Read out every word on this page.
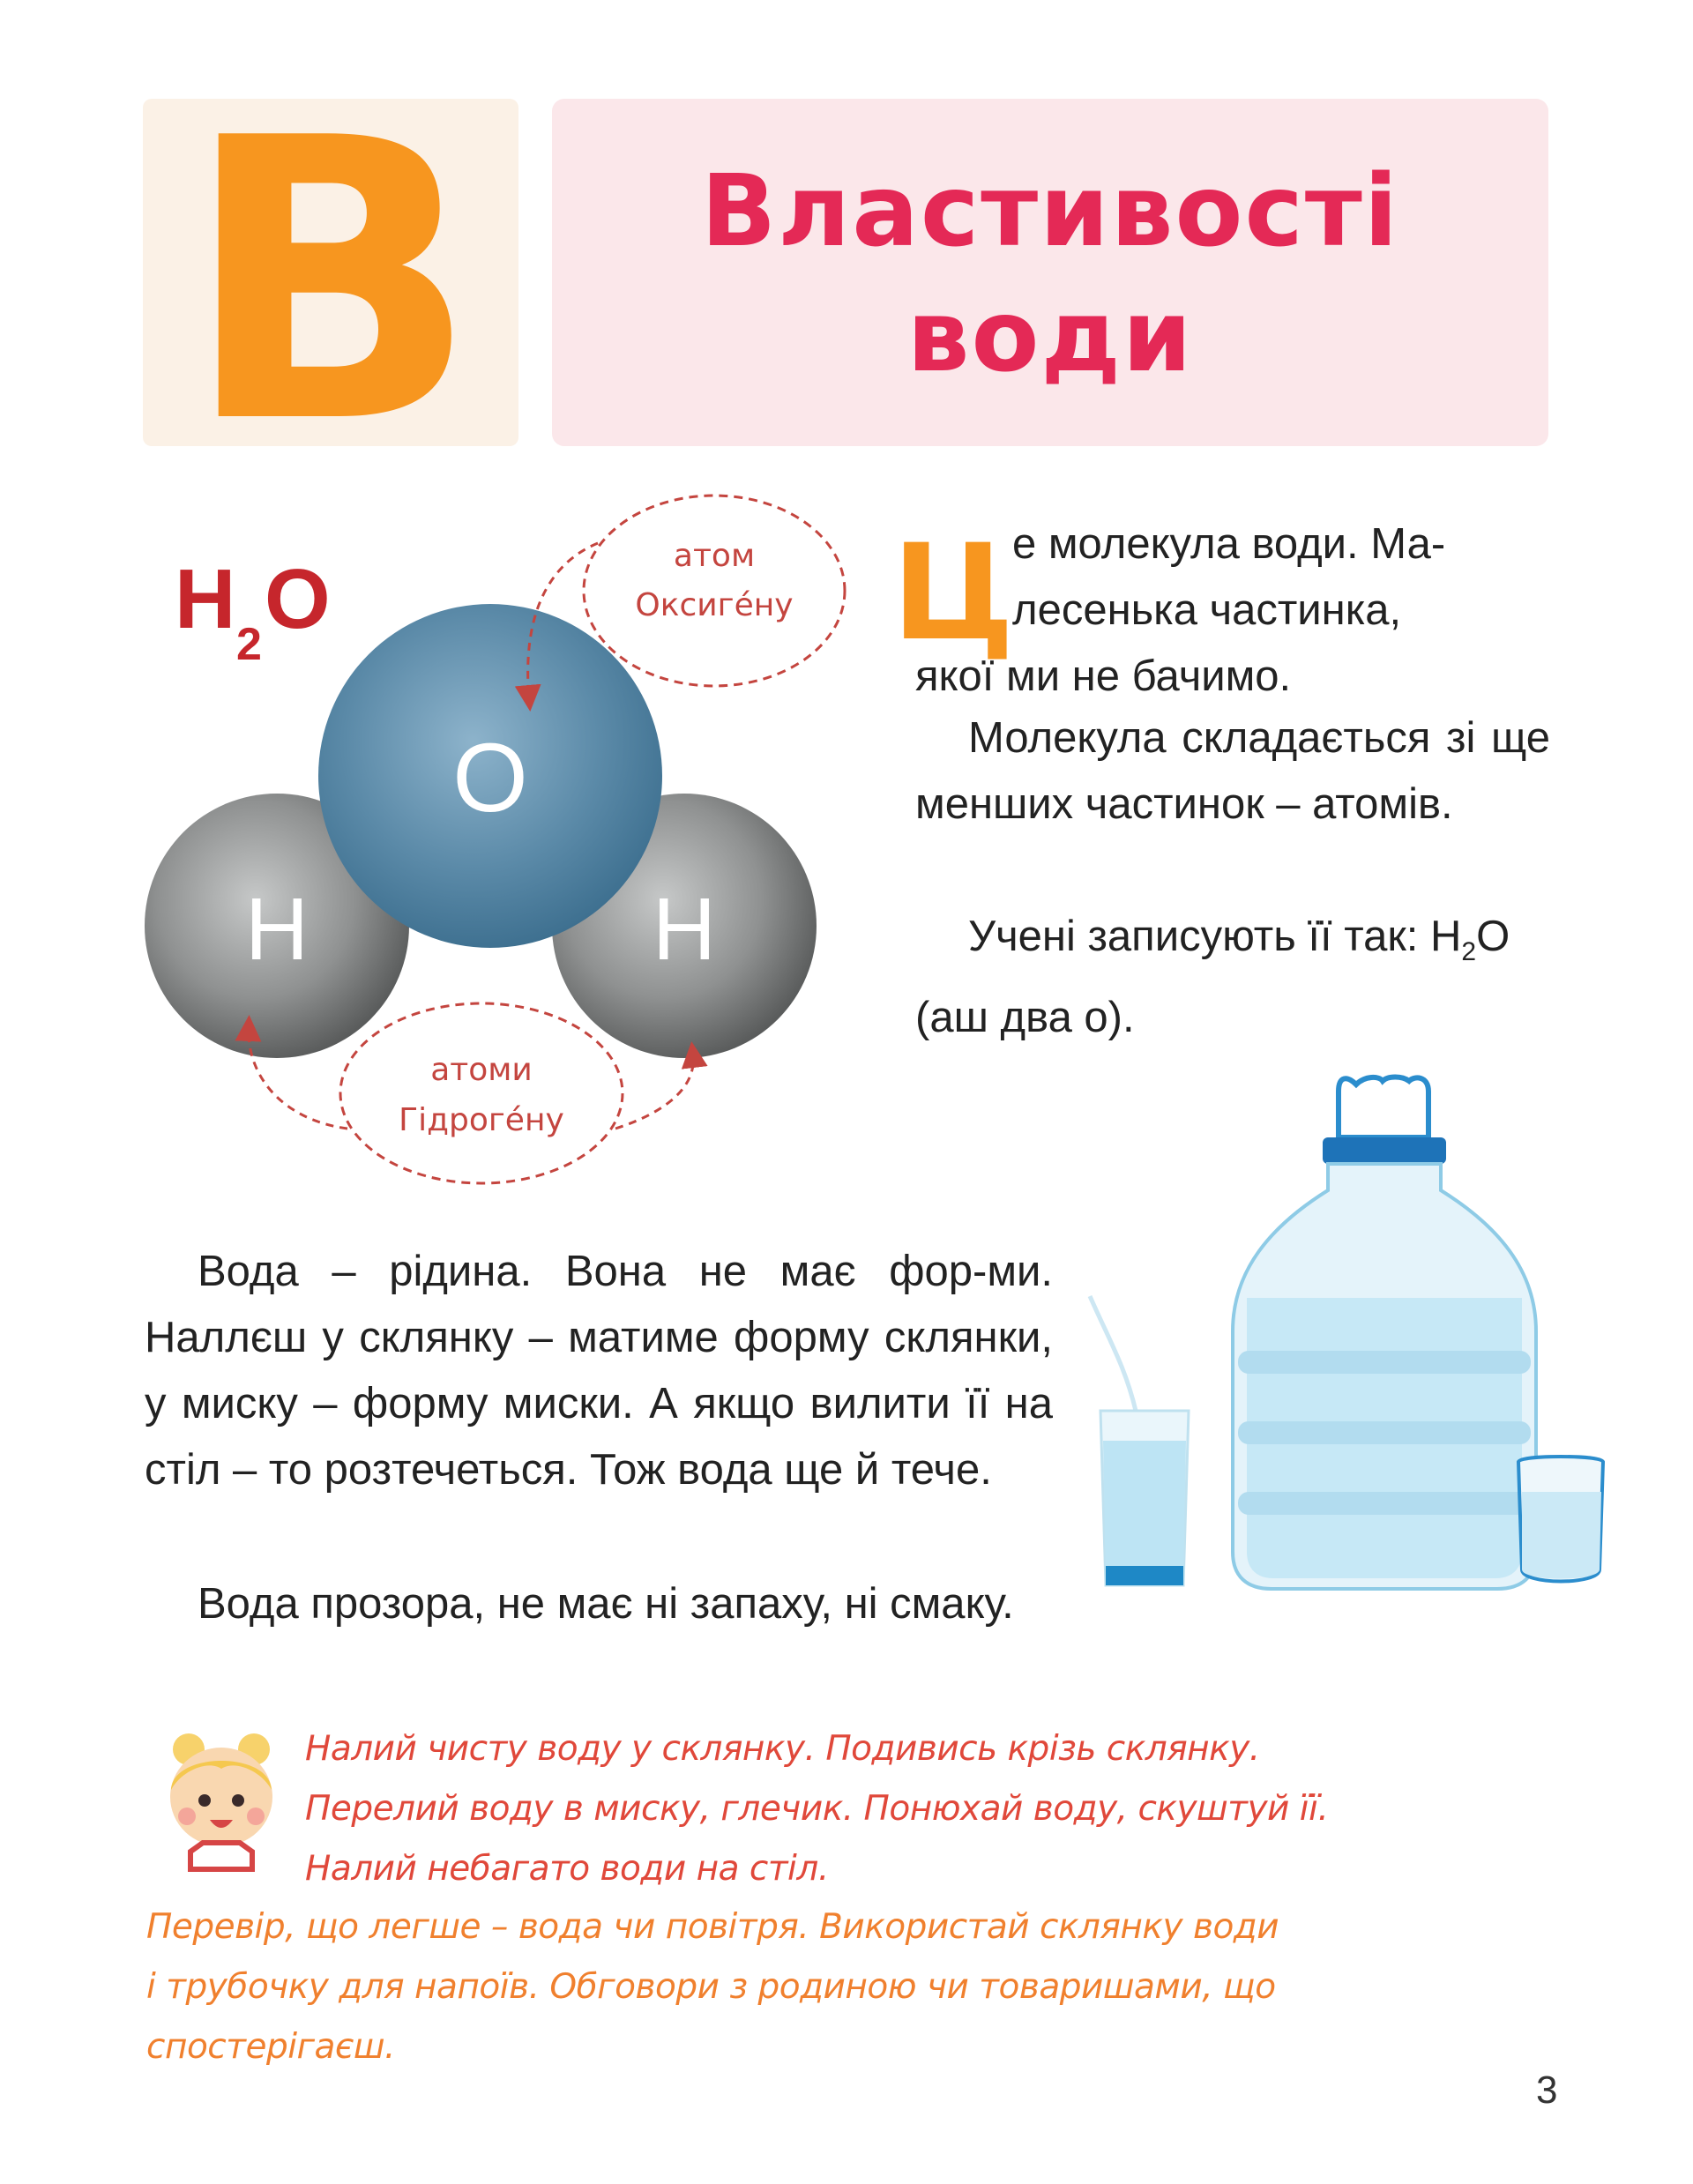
В	Властивості
води
H 2 O
O
H	H
атом
Оксиге́ну
атоми
Гідроге́ну
Ц

е молекула води. Ма-

лесенька частинка,

якої ми не бачимо.

Молекула складається зі ще менших частинок – атомів.

Учені записують її так: $H_2O$ (аш два о).

Вода – рідина. Вона не має фор-ми. Наллєш у склянку – матиме форму склянки, у миску – форму миски. А якщо вилити її на стіл – то розтечеться. Тож вода ще й тече.

Вода прозора, не має ні запаху, ні смаку.

Налий чисту воду у склянку. Подивись крізь склянку.
Перелий воду в миску, глечик. Понюхай воду, скуштуй її.
Налий небагато води на стіл.
Перевір, що легше – вода чи повітря. Використай склянку води
і трубочку для напоїв. Обговори з родиною чи товаришами, що
спостерігаєш.
3
